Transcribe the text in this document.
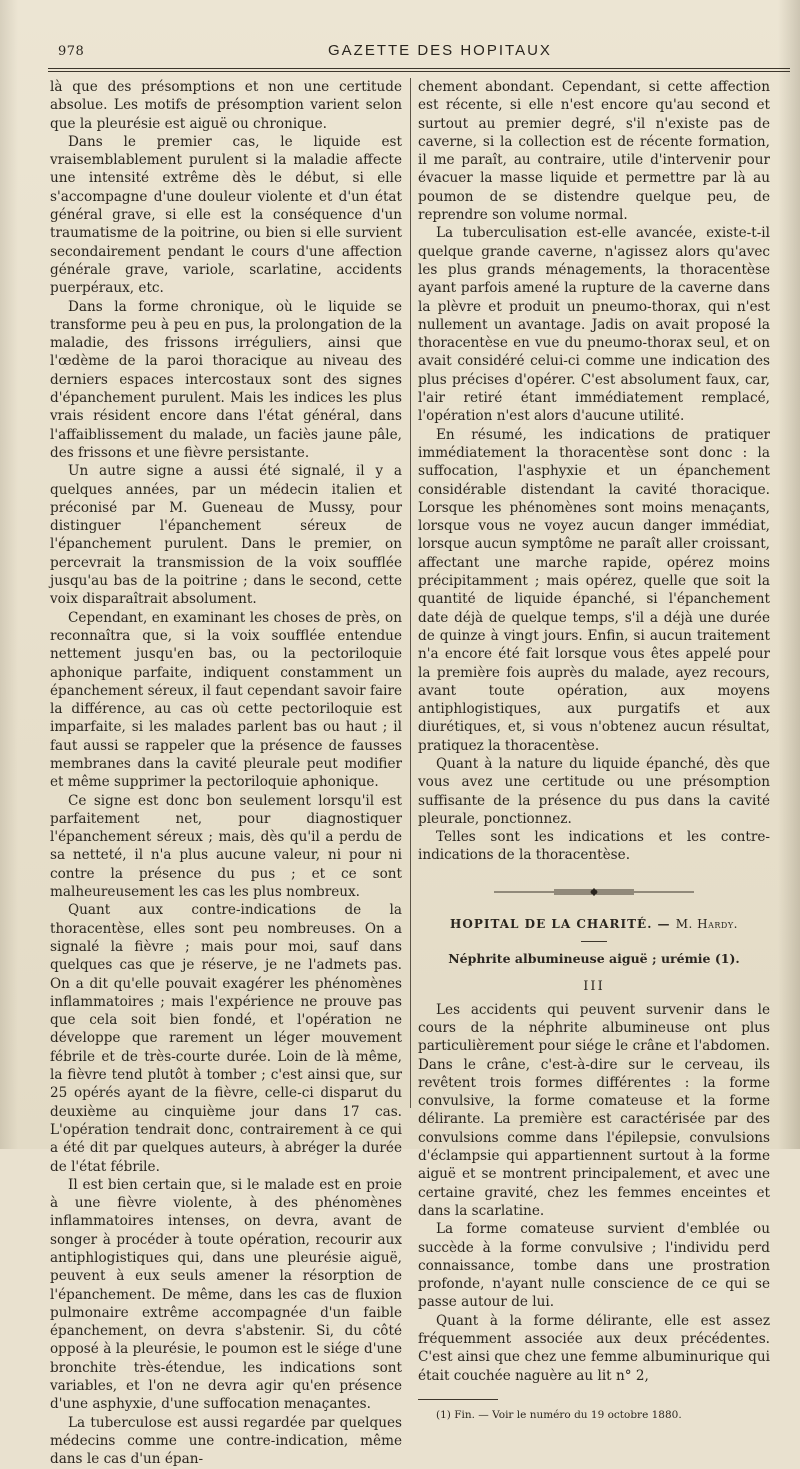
978	GAZETTE DES HOPITAUX

là que des présomptions et non une certitude absolue. Les motifs de présomption varient selon que la pleurésie est aiguë ou chronique.

Dans le premier cas, le liquide est vraisemblablement purulent si la maladie affecte une intensité extrême dès le début, si elle s'accompagne d'une douleur violente et d'un état général grave, si elle est la conséquence d'un traumatisme de la poitrine, ou bien si elle survient secondairement pendant le cours d'une affection générale grave, variole, scarlatine, accidents puerpéraux, etc.

Dans la forme chronique, où le liquide se transforme peu à peu en pus, la prolongation de la maladie, des frissons irréguliers, ainsi que l'œdème de la paroi thoracique au niveau des derniers espaces intercostaux sont des signes d'épanchement purulent. Mais les indices les plus vrais résident encore dans l'état général, dans l'affaiblissement du malade, un faciès jaune pâle, des frissons et une fièvre persistante.

Un autre signe a aussi été signalé, il y a quelques années, par un médecin italien et préconisé par M. Gueneau de Mussy, pour distinguer l'épanchement séreux de l'épanchement purulent. Dans le premier, on percevrait la transmission de la voix soufflée jusqu'au bas de la poitrine ; dans le second, cette voix disparaîtrait absolument.

Cependant, en examinant les choses de près, on reconnaîtra que, si la voix soufflée entendue nettement jusqu'en bas, ou la pectoriloquie aphonique parfaite, indiquent constamment un épanchement séreux, il faut cependant savoir faire la différence, au cas où cette pectoriloquie est imparfaite, si les malades parlent bas ou haut ; il faut aussi se rappeler que la présence de fausses membranes dans la cavité pleurale peut modifier et même supprimer la pectoriloquie aphonique.

Ce signe est donc bon seulement lorsqu'il est parfaitement net, pour diagnostiquer l'épanchement séreux ; mais, dès qu'il a perdu de sa netteté, il n'a plus aucune valeur, ni pour ni contre la présence du pus ; et ce sont malheureusement les cas les plus nombreux.

Quant aux contre-indications de la thoracentèse, elles sont peu nombreuses. On a signalé la fièvre ; mais pour moi, sauf dans quelques cas que je réserve, je ne l'admets pas. On a dit qu'elle pouvait exagérer les phénomènes inflammatoires ; mais l'expérience ne prouve pas que cela soit bien fondé, et l'opération ne développe que rarement un léger mouvement fébrile et de très-courte durée. Loin de là même, la fièvre tend plutôt à tomber ; c'est ainsi que, sur 25 opérés ayant de la fièvre, celle-ci disparut du deuxième au cinquième jour dans 17 cas. L'opération tendrait donc, contrairement à ce qui a été dit par quelques auteurs, à abréger la durée de l'état fébrile.

Il est bien certain que, si le malade est en proie à une fièvre violente, à des phénomènes inflammatoires intenses, on devra, avant de songer à procéder à toute opération, recourir aux antiphlogistiques qui, dans une pleurésie aiguë, peuvent à eux seuls amener la résorption de l'épanchement. De même, dans les cas de fluxion pulmonaire extrême accompagnée d'un faible épanchement, on devra s'abstenir. Si, du côté opposé à la pleurésie, le poumon est le siége d'une bronchite très-étendue, les indications sont variables, et l'on ne devra agir qu'en présence d'une asphyxie, d'une suffocation menaçantes.

La tuberculose est aussi regardée par quelques médecins comme une contre-indication, même dans le cas d'un épan-

chement abondant. Cependant, si cette affection est récente, si elle n'est encore qu'au second et surtout au premier degré, s'il n'existe pas de caverne, si la collection est de récente formation, il me paraît, au contraire, utile d'intervenir pour évacuer la masse liquide et permettre par là au poumon de se distendre quelque peu, de reprendre son volume normal.

La tuberculisation est-elle avancée, existe-t-il quelque grande caverne, n'agissez alors qu'avec les plus grands ménagements, la thoracentèse ayant parfois amené la rupture de la caverne dans la plèvre et produit un pneumo-thorax, qui n'est nullement un avantage. Jadis on avait proposé la thoracentèse en vue du pneumo-thorax seul, et on avait considéré celui-ci comme une indication des plus précises d'opérer. C'est absolument faux, car, l'air retiré étant immédiatement remplacé, l'opération n'est alors d'aucune utilité.

En résumé, les indications de pratiquer immédiatement la thoracentèse sont donc : la suffocation, l'asphyxie et un épanchement considérable distendant la cavité thoracique. Lorsque les phénomènes sont moins menaçants, lorsque vous ne voyez aucun danger immédiat, lorsque aucun symptôme ne paraît aller croissant, affectant une marche rapide, opérez moins précipitamment ; mais opérez, quelle que soit la quantité de liquide épanché, si l'épanchement date déjà de quelque temps, s'il a déjà une durée de quinze à vingt jours. Enfin, si aucun traitement n'a encore été fait lorsque vous êtes appelé pour la première fois auprès du malade, ayez recours, avant toute opération, aux moyens antiphlogistiques, aux purgatifs et aux diurétiques, et, si vous n'obtenez aucun résultat, pratiquez la thoracentèse.

Quant à la nature du liquide épanché, dès que vous avez une certitude ou une présomption suffisante de la présence du pus dans la cavité pleurale, ponctionnez.

Telles sont les indications et les contre-indications de la thoracentèse.

HOPITAL DE LA CHARITÉ. — M. Hardy.
Néphrite albumineuse aiguë ; urémie (1).
III

Les accidents qui peuvent survenir dans le cours de la néphrite albumineuse ont plus particulièrement pour siége le crâne et l'abdomen. Dans le crâne, c'est-à-dire sur le cerveau, ils revêtent trois formes différentes : la forme convulsive, la forme comateuse et la forme délirante. La première est caractérisée par des convulsions comme dans l'épilepsie, convulsions d'éclampsie qui appartiennent surtout à la forme aiguë et se montrent principalement, et avec une certaine gravité, chez les femmes enceintes et dans la scarlatine.

La forme comateuse survient d'emblée ou succède à la forme convulsive ; l'individu perd connaissance, tombe dans une prostration profonde, n'ayant nulle conscience de ce qui se passe autour de lui.

Quant à la forme délirante, elle est assez fréquemment associée aux deux précédentes. C'est ainsi que chez une femme albuminurique qui était couchée naguère au lit n° 2,

(1) Fin. — Voir le numéro du 19 octobre 1880.
